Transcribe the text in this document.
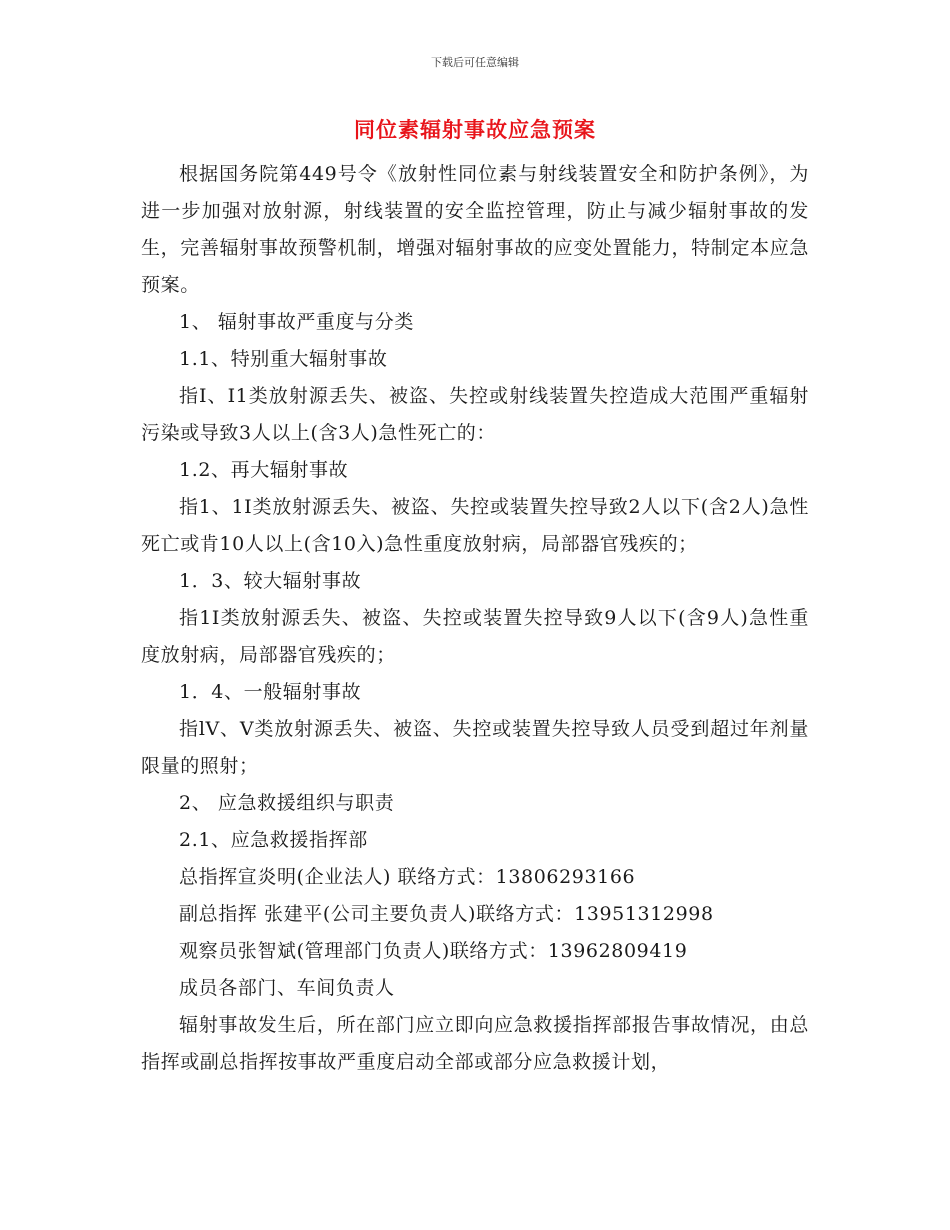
下载后可任意编辑
同位素辐射事故应急预案

根据国务院第449号令《放射性同位素与射线装置安全和防护条例》，为进一步加强对放射源，射线装置的安全监控管理，防止与减少辐射事故的发生，完善辐射事故预警机制，增强对辐射事故的应变处置能力，特制定本应急预案。

1、 辐射事故严重度与分类

1.1、特别重大辐射事故

指Ⅰ、I1类放射源丢失、被盗、失控或射线装置失控造成大范围严重辐射污染或导致3人以上(含3人)急性死亡的：

1.2、再大辐射事故

指1、1I类放射源丢失、被盗、失控或装置失控导致2人以下(含2人)急性死亡或肯10人以上(含10入)急性重度放射病，局部器官残疾的；

1．3、较大辐射事故

指1I类放射源丢失、被盗、失控或装置失控导致9人以下(含9人)急性重度放射病，局部器官残疾的；

1．4、一般辐射事故

指lV、V类放射源丢失、被盗、失控或装置失控导致人员受到超过年剂量限量的照射；

2、 应急救援组织与职责

2.1、应急救援指挥部

总指挥宣炎明(企业法人) 联络方式：13806293166

副总指挥 张建平(公司主要负责人)联络方式：13951312998

观察员张智斌(管理部门负责人)联络方式：13962809419

成员各部门、车间负责人

辐射事故发生后，所在部门应立即向应急救援指挥部报告事故情况，由总指挥或副总指挥按事故严重度启动全部或部分应急救援计划，
